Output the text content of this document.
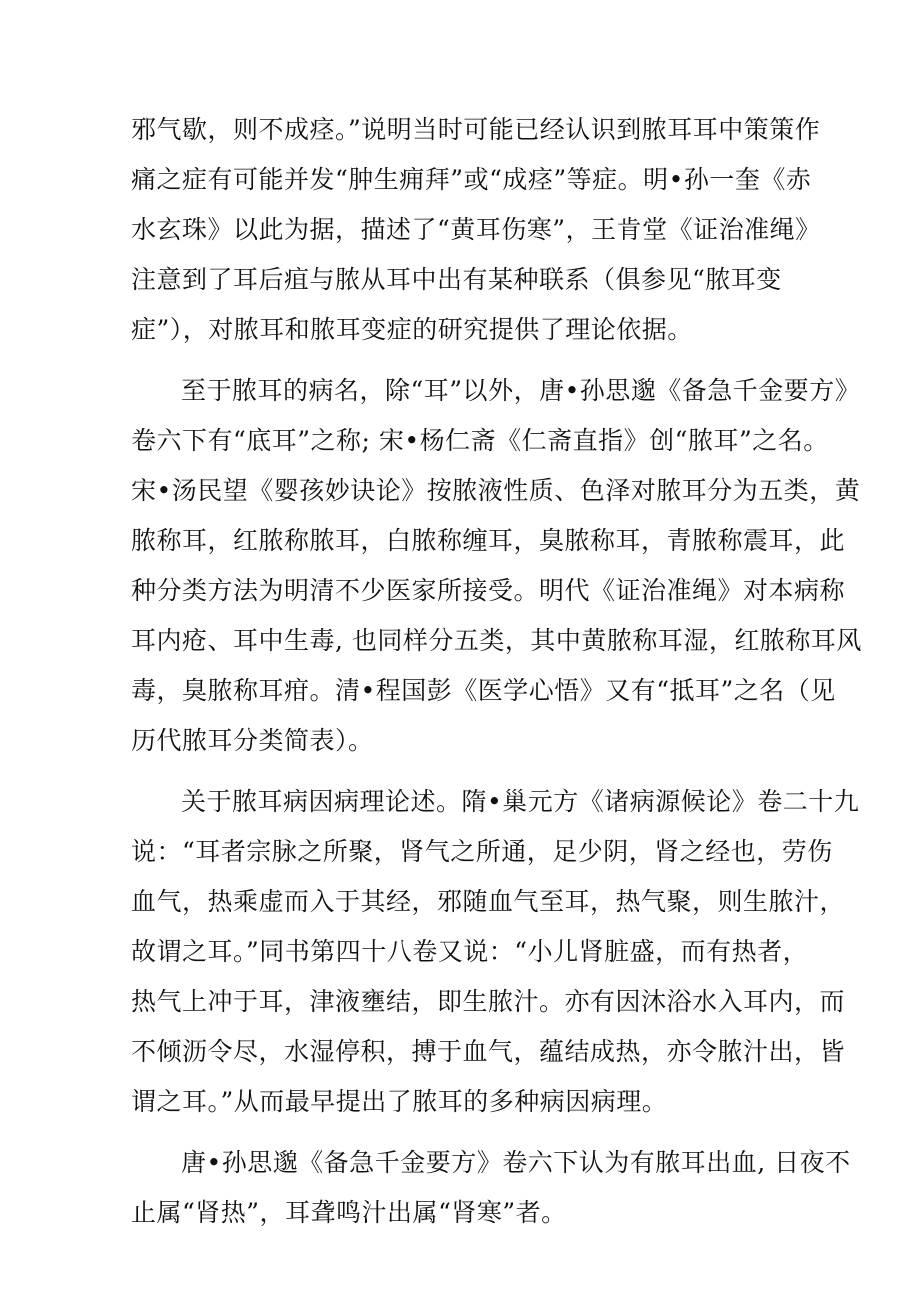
邪气歇，则不成痉。”说明当时可能已经认识到脓耳耳中策策作
痛之症有可能并发“肿生痈拜”或“成痉”等症。明•孙一奎《赤
水玄珠》以此为据，描述了“黄耳伤寒”，王肯堂《证治准绳》
注意到了耳后疽与脓从耳中出有某种联系（俱参见“脓耳变
症”），对脓耳和脓耳变症的研究提供了理论依据。
至于脓耳的病名，除“耳”以外，唐•孙思邈《备急千金要方》
卷六下有“底耳”之称; 宋•杨仁斋《仁斋直指》创“脓耳”之名。
宋•汤民望《婴孩妙诀论》按脓液性质、色泽对脓耳分为五类，黄
脓称耳，红脓称脓耳，白脓称缠耳，臭脓称耳，青脓称震耳，此
种分类方法为明清不少医家所接受。明代《证治准绳》对本病称
耳内疮、耳中生毒, 也同样分五类，其中黄脓称耳湿，红脓称耳风
毒，臭脓称耳疳。清•程国彭《医学心悟》又有“抵耳”之名（见
历代脓耳分类简表）。
关于脓耳病因病理论述。隋•巢元方《诸病源候论》卷二十九
说：“耳者宗脉之所聚，肾气之所通，足少阴，肾之经也，劳伤
血气，热乘虚而入于其经，邪随血气至耳，热气聚，则生脓汁，
故谓之耳。”同书第四十八卷又说：“小儿肾脏盛，而有热者，
热气上冲于耳，津液壅结，即生脓汁。亦有因沐浴水入耳内，而
不倾沥令尽，水湿停积，搏于血气，蕴结成热，亦令脓汁出，皆
谓之耳。”从而最早提出了脓耳的多种病因病理。
唐•孙思邈《备急千金要方》卷六下认为有脓耳出血, 日夜不
止属“肾热”，耳聋鸣汁出属“肾寒”者。
